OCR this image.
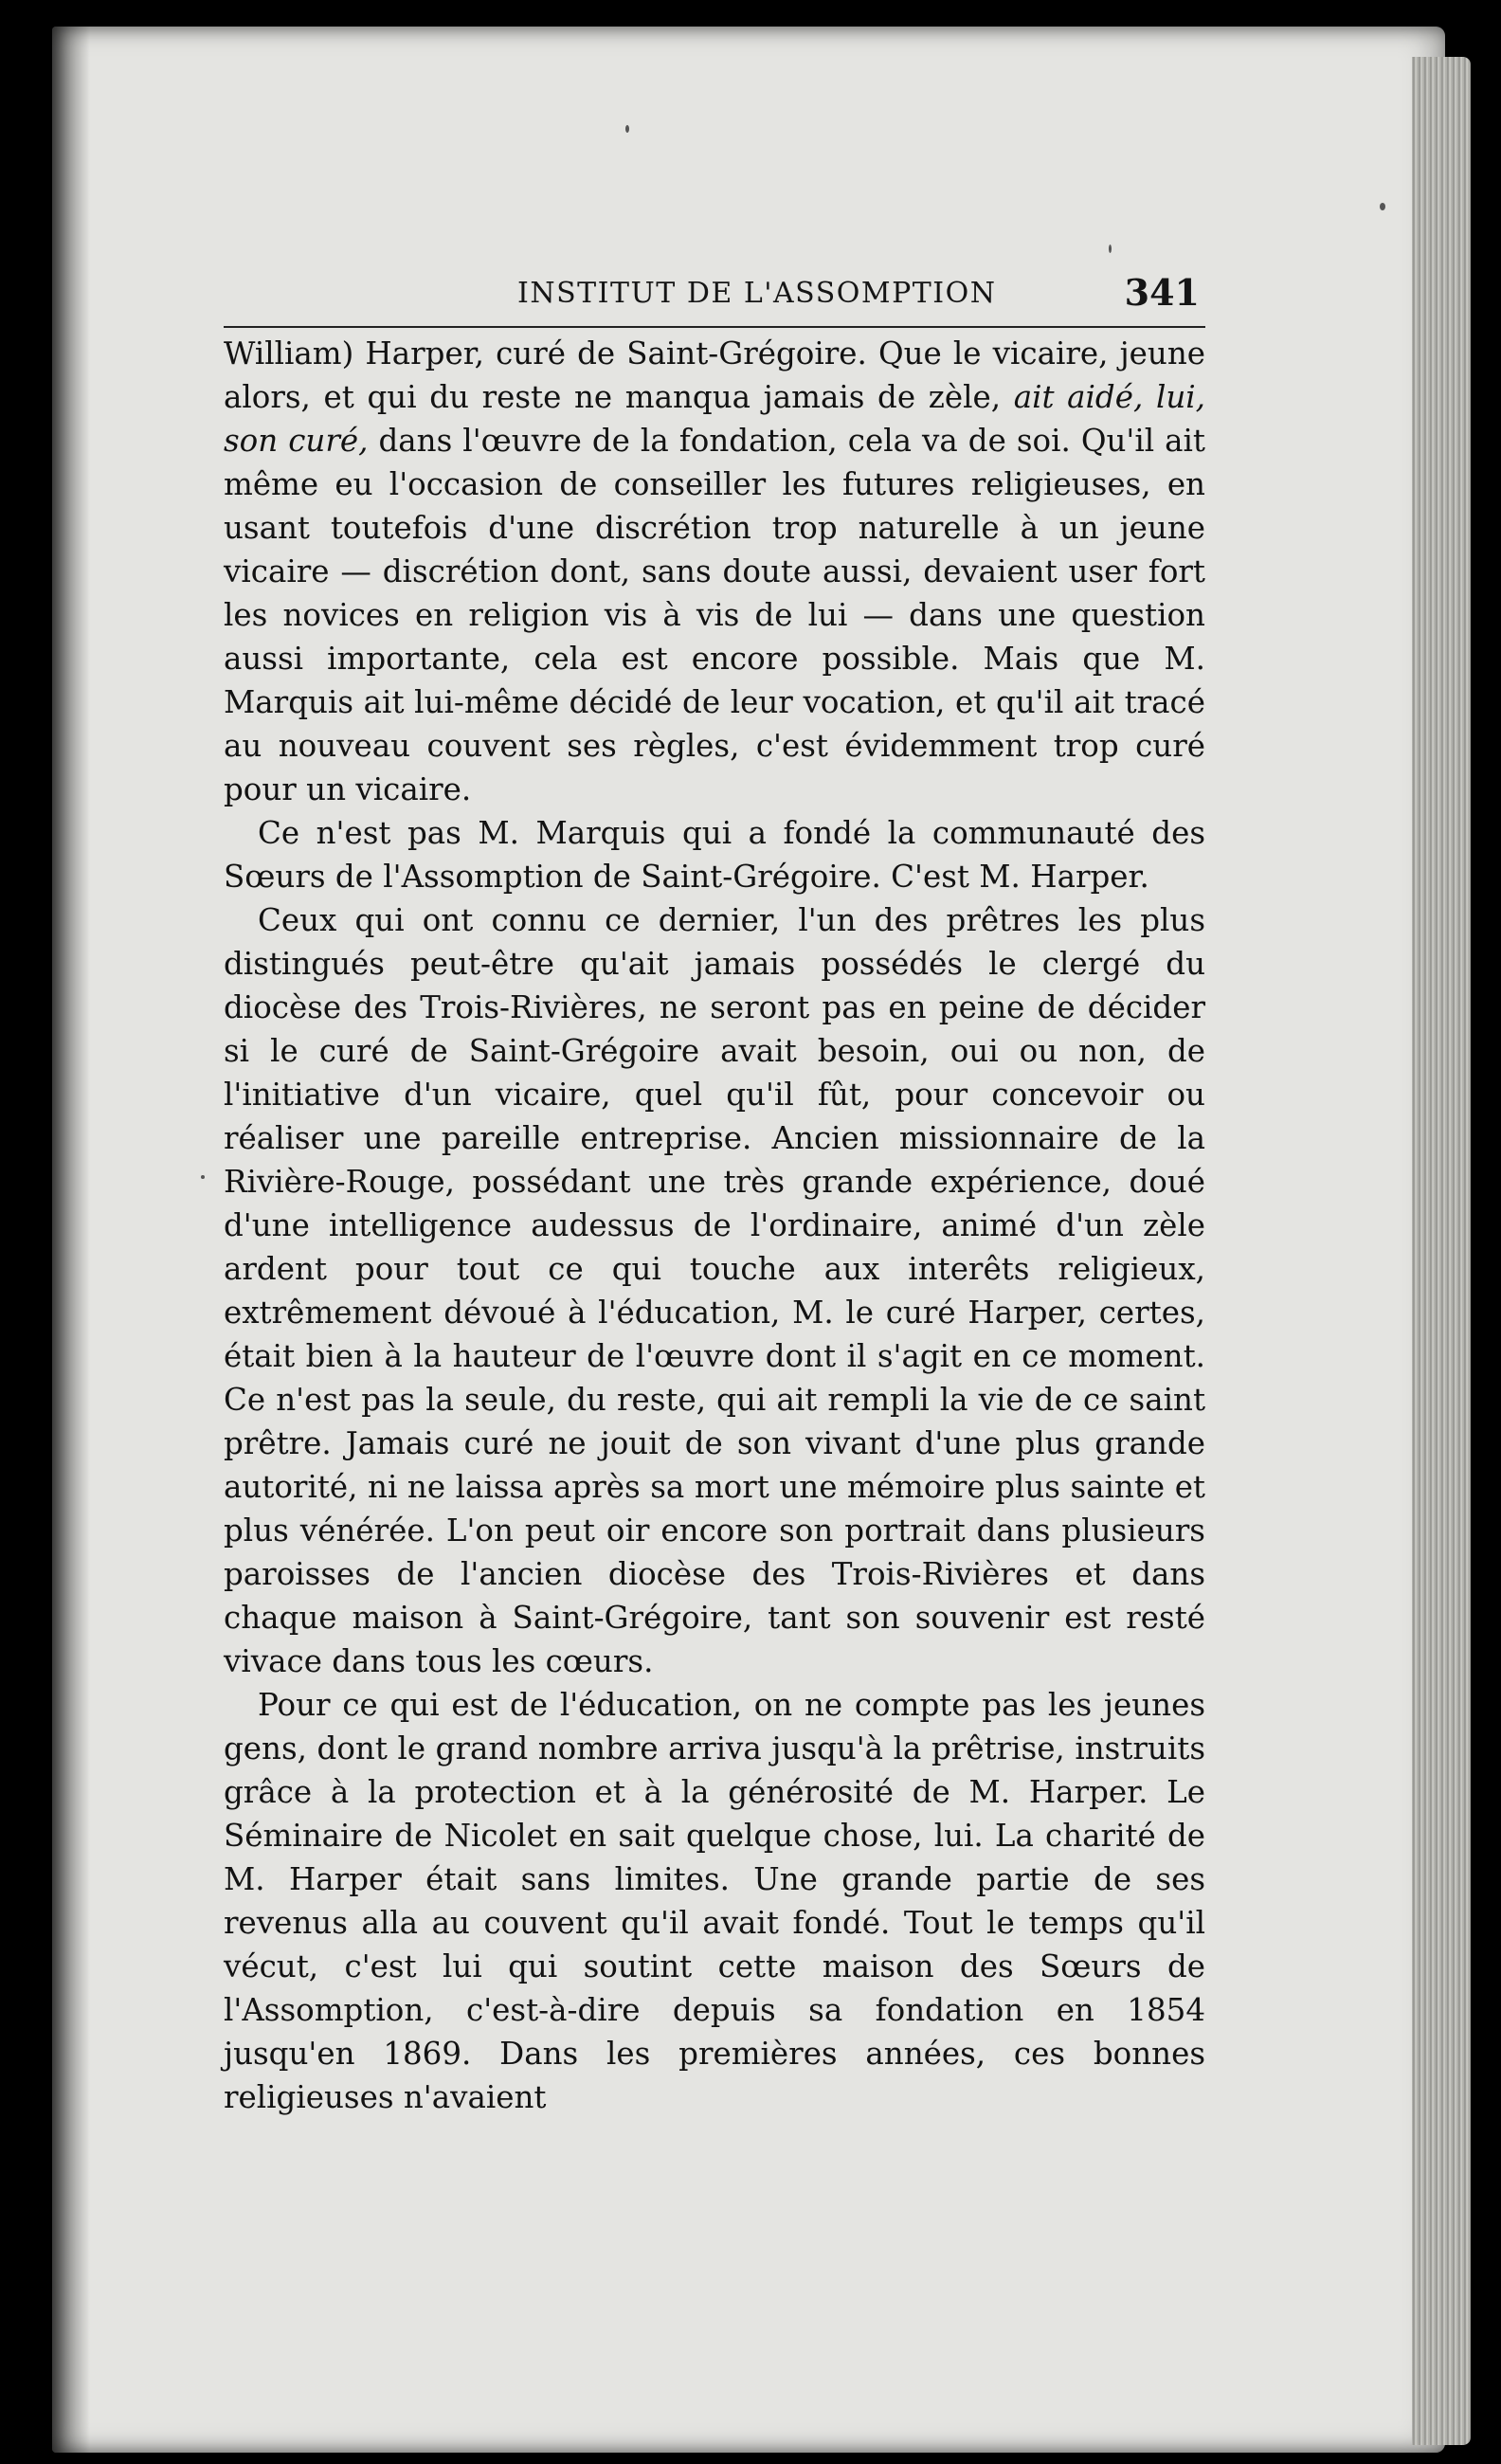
INSTITUT DE L'ASSOMPTION	341

William) Harper, curé de Saint-Grégoire. Que le vicaire, jeune alors, et qui du reste ne manqua jamais de zèle, ait aidé, lui, son curé, dans l'œuvre de la fondation, cela va de soi. Qu'il ait même eu l'occasion de conseiller les futures religieuses, en usant toutefois d'une discrétion trop naturelle à un jeune vicaire — discrétion dont, sans doute aussi, devaient user fort les novices en religion vis à vis de lui — dans une question aussi importante, cela est encore possible. Mais que M. Marquis ait lui-même décidé de leur vocation, et qu'il ait tracé au nouveau couvent ses règles, c'est évidemment trop curé pour un vicaire.

Ce n'est pas M. Marquis qui a fondé la communauté des Sœurs de l'Assomption de Saint-Grégoire. C'est M. Harper.

Ceux qui ont connu ce dernier, l'un des prêtres les plus distingués peut-être qu'ait jamais possédés le clergé du diocèse des Trois-Rivières, ne seront pas en peine de décider si le curé de Saint-Grégoire avait besoin, oui ou non, de l'initiative d'un vicaire, quel qu'il fût, pour concevoir ou réaliser une pareille entreprise. Ancien missionnaire de la Rivière-Rouge, possédant une très grande expérience, doué d'une intelligence audessus de l'ordinaire, animé d'un zèle ardent pour tout ce qui touche aux interêts religieux, extrêmement dévoué à l'éducation, M. le curé Harper, certes, était bien à la hauteur de l'œuvre dont il s'agit en ce moment. Ce n'est pas la seule, du reste, qui ait rempli la vie de ce saint prêtre. Jamais curé ne jouit de son vivant d'une plus grande autorité, ni ne laissa après sa mort une mémoire plus sainte et plus vénérée. L'on peut oir encore son portrait dans plusieurs paroisses de l'ancien diocèse des Trois-Rivières et dans chaque maison à Saint-Grégoire, tant son souvenir est resté vivace dans tous les cœurs.

Pour ce qui est de l'éducation, on ne compte pas les jeunes gens, dont le grand nombre arriva jusqu'à la prêtrise, instruits grâce à la protection et à la générosité de M. Harper. Le Séminaire de Nicolet en sait quelque chose, lui. La charité de M. Harper était sans limites. Une grande partie de ses revenus alla au couvent qu'il avait fondé. Tout le temps qu'il vécut, c'est lui qui soutint cette maison des Sœurs de l'Assomption, c'est-à-dire depuis sa fondation en 1854 jusqu'en 1869. Dans les premières années, ces bonnes religieuses n'avaient
